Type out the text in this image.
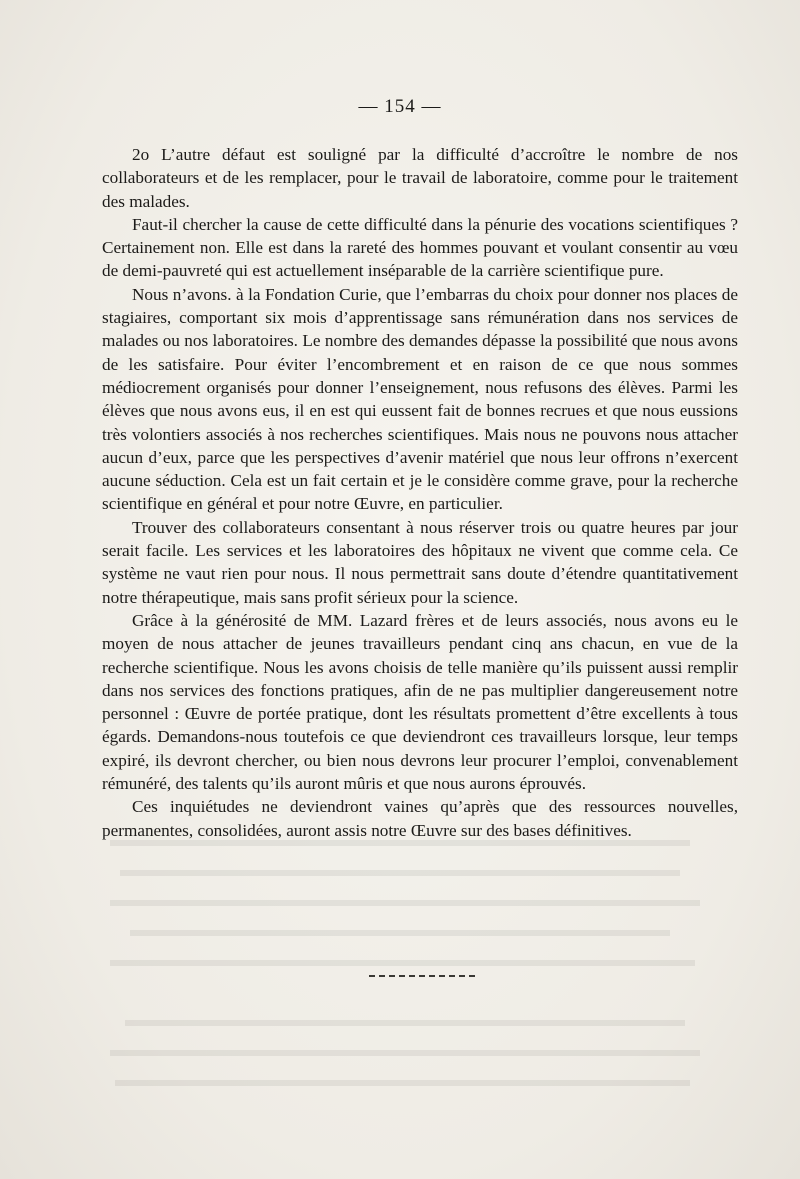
— 154 —

2o L’autre défaut est souligné par la difficulté d’accroître le nombre de nos collaborateurs et de les remplacer, pour le travail de laboratoire, comme pour le traitement des malades.

Faut-il chercher la cause de cette difficulté dans la pénurie des vocations scientifiques ? Certainement non. Elle est dans la rareté des hommes pouvant et voulant consentir au vœu de demi-pauvreté qui est actuellement inséparable de la carrière scientifique pure.

Nous n’avons. à la Fondation Curie, que l’embarras du choix pour donner nos places de stagiaires, comportant six mois d’apprentissage sans rémunération dans nos services de malades ou nos laboratoires. Le nombre des demandes dépasse la possibilité que nous avons de les satisfaire. Pour éviter l’encombrement et en raison de ce que nous sommes médiocrement organisés pour donner l’enseignement, nous refusons des élèves. Parmi les élèves que nous avons eus, il en est qui eussent fait de bonnes recrues et que nous eussions très volontiers associés à nos recherches scientifiques. Mais nous ne pouvons nous attacher aucun d’eux, parce que les perspectives d’avenir matériel que nous leur offrons n’exercent aucune séduction. Cela est un fait certain et je le considère comme grave, pour la recherche scientifique en général et pour notre Œuvre, en particulier.

Trouver des collaborateurs consentant à nous réserver trois ou quatre heures par jour serait facile. Les services et les laboratoires des hôpitaux ne vivent que comme cela. Ce système ne vaut rien pour nous. Il nous permettrait sans doute d’étendre quantitativement notre thérapeutique, mais sans profit sérieux pour la science.

Grâce à la générosité de MM. Lazard frères et de leurs associés, nous avons eu le moyen de nous attacher de jeunes travailleurs pendant cinq ans chacun, en vue de la recherche scientifique. Nous les avons choisis de telle manière qu’ils puissent aussi remplir dans nos services des fonctions pratiques, afin de ne pas multiplier dangereusement notre personnel : Œuvre de portée pratique, dont les résultats promettent d’être excellents à tous égards. Demandons-nous toutefois ce que deviendront ces travailleurs lorsque, leur temps expiré, ils devront chercher, ou bien nous devrons leur procurer l’emploi, convenablement rémunéré, des talents qu’ils auront mûris et que nous aurons éprouvés.

Ces inquiétudes ne deviendront vaines qu’après que des ressources nouvelles, permanentes, consolidées, auront assis notre Œuvre sur des bases définitives.
